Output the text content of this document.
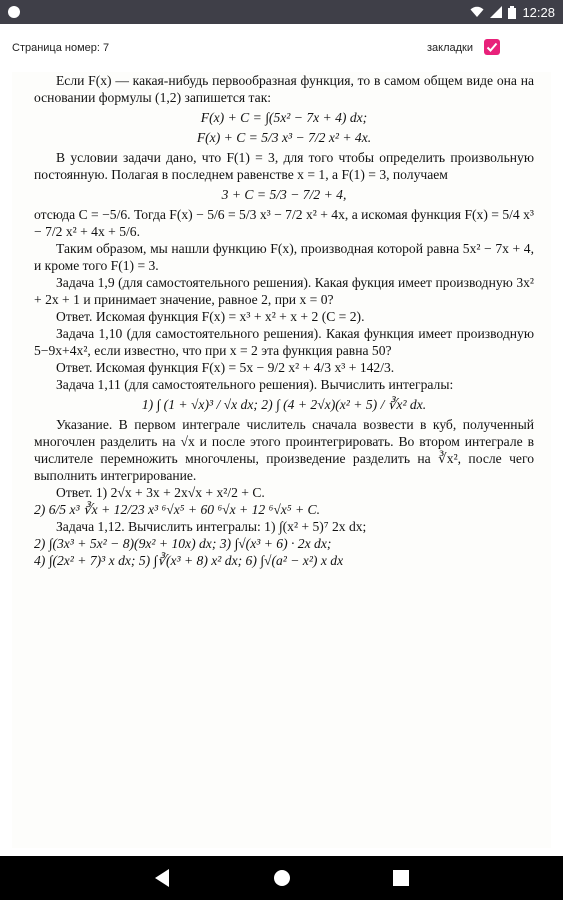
12:28
Страница номер: 7	закладки

Если F(x) — какая-нибудь первообразная функция, то в самом общем виде она на основании формулы (1,2) запишется так:

F(x) + C = ∫(5x² − 7x + 4) dx;
F(x) + C = 5/3 x³ − 7/2 x² + 4x.

В условии задачи дано, что F(1) = 3, для того чтобы определить произвольную постоянную. Полагая в последнем равенстве x = 1, а F(1) = 3, получаем

3 + C = 5/3 − 7/2 + 4,

отсюда C = −5/6. Тогда F(x) − 5/6 = 5/3 x³ − 7/2 x² + 4x, а искомая функция F(x) = 5/4 x³ − 7/2 x² + 4x + 5/6.

Таким образом, мы нашли функцию F(x), производная которой равна 5x² − 7x + 4, и кроме того F(1) = 3.

Задача 1,9 (для самостоятельного решения). Какая фукция имеет производную 3x² + 2x + 1 и принимает значение, равное 2, при x = 0?

Ответ. Искомая функция F(x) = x³ + x² + x + 2 (C = 2).

Задача 1,10 (для самостоятельного решения). Какая функция имеет производную 5−9x+4x², если известно, что при x = 2 эта функция равна 50?

Ответ. Искомая функция F(x) = 5x − 9/2 x² + 4/3 x³ + 142/3.

Задача 1,11 (для самостоятельного решения). Вычислить интегралы:

1) ∫ (1 + √x)³ / √x dx; 2) ∫ (4 + 2√x)(x² + 5) / ∛x² dx.

Указание. В первом интеграле числитель сначала возвести в куб, полученный многочлен разделить на √x и после этого проинтегрировать. Во втором интеграле в числителе перемножить многочлены, произведение разделить на ∛x², после чего выполнить интегрирование.

Ответ. 1) 2√x + 3x + 2x√x + x²/2 + C.

2) 6/5 x³ ∛x + 12/23 x³ ⁶√x⁵ + 60 ⁶√x + 12 ⁶√x⁵ + C.

Задача 1,12. Вычислить интегралы: 1) ∫(x² + 5)⁷ 2x dx;

2) ∫(3x³ + 5x² − 8)(9x² + 10x) dx; 3) ∫√(x³ + 6) · 2x dx;
4) ∫(2x² + 7)³ x dx; 5) ∫∛(x³ + 8) x² dx; 6) ∫√(a² − x²) x dx
